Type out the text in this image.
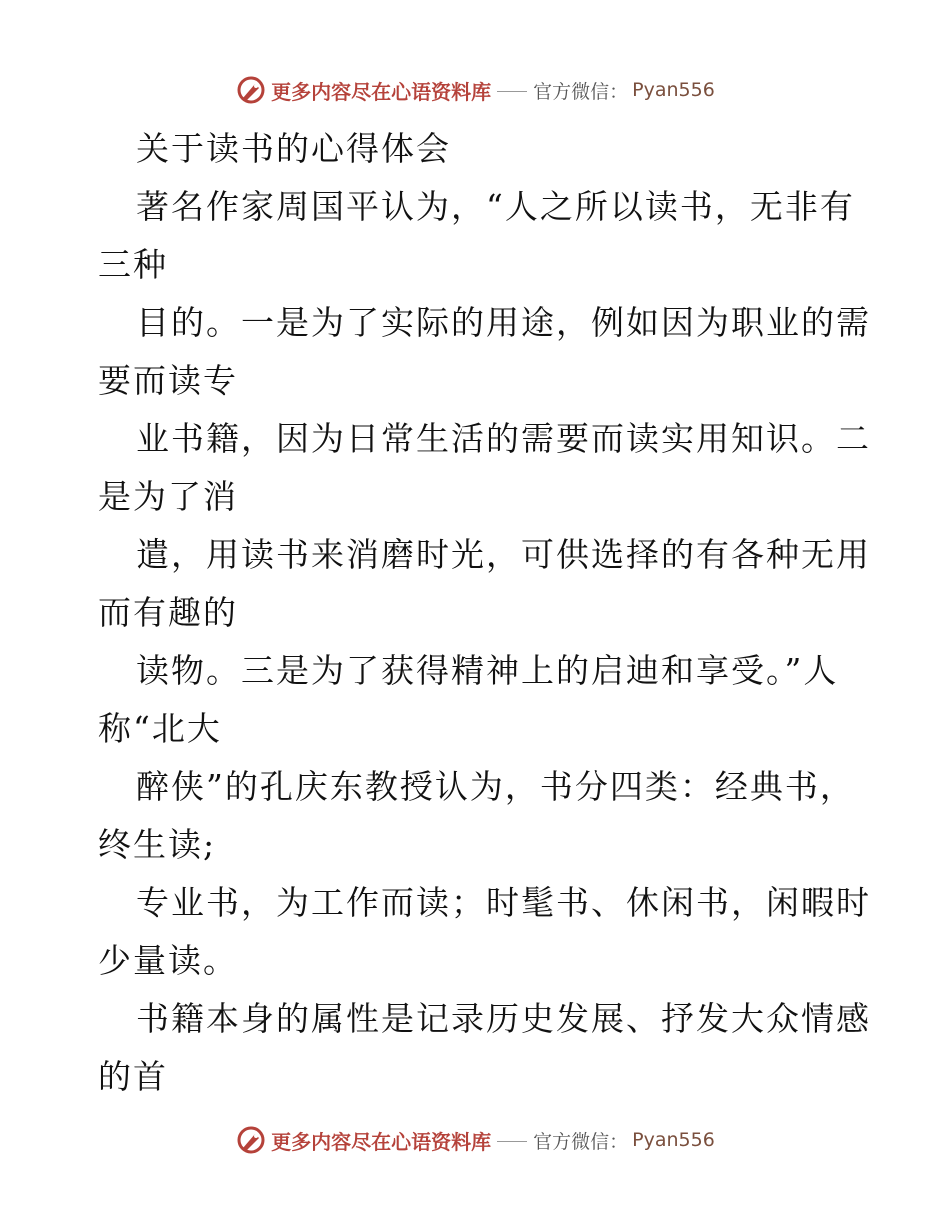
更多内容尽在心语资料库 官方微信： Pyan556

关于读书的心得体会

著名作家周国平认为，“人之所以读书，无非有
三种

目的。一是为了实际的用途，例如因为职业的需
要而读专

业书籍，因为日常生活的需要而读实用知识。二
是为了消

遣，用读书来消磨时光，可供选择的有各种无用
而有趣的

读物。三是为了获得精神上的启迪和享受。”人
称“北大

醉侠”的孔庆东教授认为，书分四类：经典书，
终生读;

专业书，为工作而读；时髦书、休闲书，闲暇时
少量读。

书籍本身的属性是记录历史发展、抒发大众情感
的首

更多内容尽在心语资料库 官方微信： Pyan556
